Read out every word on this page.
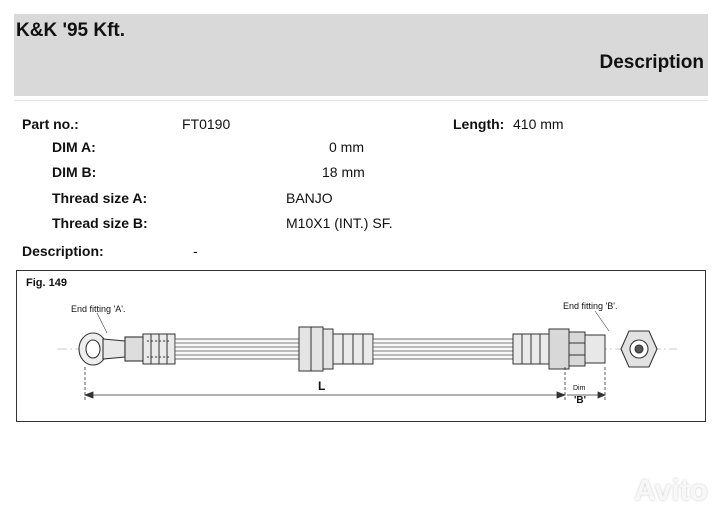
K&K '95 Kft.
Description
Part no.:	FT0190	Length: 410 mm
DIM A:	0 mm
DIM B:	18 mm
Thread size A:	BANJO
Thread size B:	M10X1 (INT.) SF.
Description:	-
Fig. 149
End fitting 'A'.	End fitting 'B'.
L	Dim
'B'
Avito
